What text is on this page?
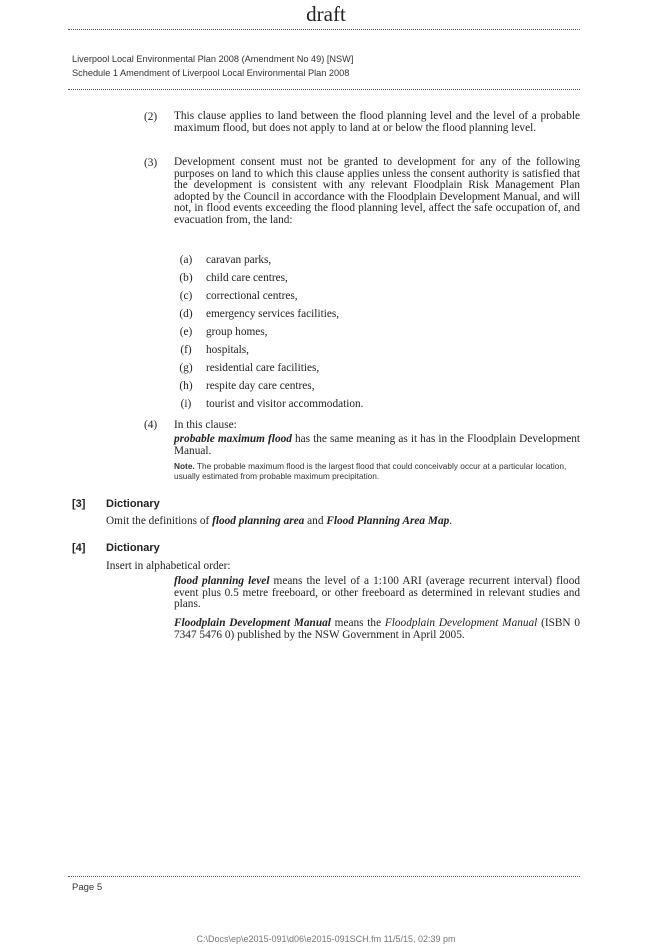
draft
Liverpool Local Environmental Plan 2008 (Amendment No 49) [NSW]
Schedule 1 Amendment of Liverpool Local Environmental Plan 2008
(2) This clause applies to land between the flood planning level and the level of a probable maximum flood, but does not apply to land at or below the flood planning level.
(3) Development consent must not be granted to development for any of the following purposes on land to which this clause applies unless the consent authority is satisfied that the development is consistent with any relevant Floodplain Risk Management Plan adopted by the Council in accordance with the Floodplain Development Manual, and will not, in flood events exceeding the flood planning level, affect the safe occupation of, and evacuation from, the land:
(a)	caravan parks,
(b)	child care centres,
(c)	correctional centres,
(d)	emergency services facilities,
(e)	group homes,
(f)	hospitals,
(g)	residential care facilities,
(h)	respite day care centres,
(i)	tourist and visitor accommodation.
(4) In this clause:
probable maximum flood has the same meaning as it has in the Floodplain Development Manual.
Note. The probable maximum flood is the largest flood that could conceivably occur at a particular location, usually estimated from probable maximum precipitation.
[3] Dictionary
Omit the definitions of flood planning area and Flood Planning Area Map.
[4] Dictionary
Insert in alphabetical order:
flood planning level means the level of a 1:100 ARI (average recurrent interval) flood event plus 0.5 metre freeboard, or other freeboard as determined in relevant studies and plans.
Floodplain Development Manual means the Floodplain Development Manual (ISBN 0 7347 5476 0) published by the NSW Government in April 2005.
Page 5
C:\Docs\ep\e2015-091\d06\e2015-091SCH.fm 11/5/15, 02:39 pm
